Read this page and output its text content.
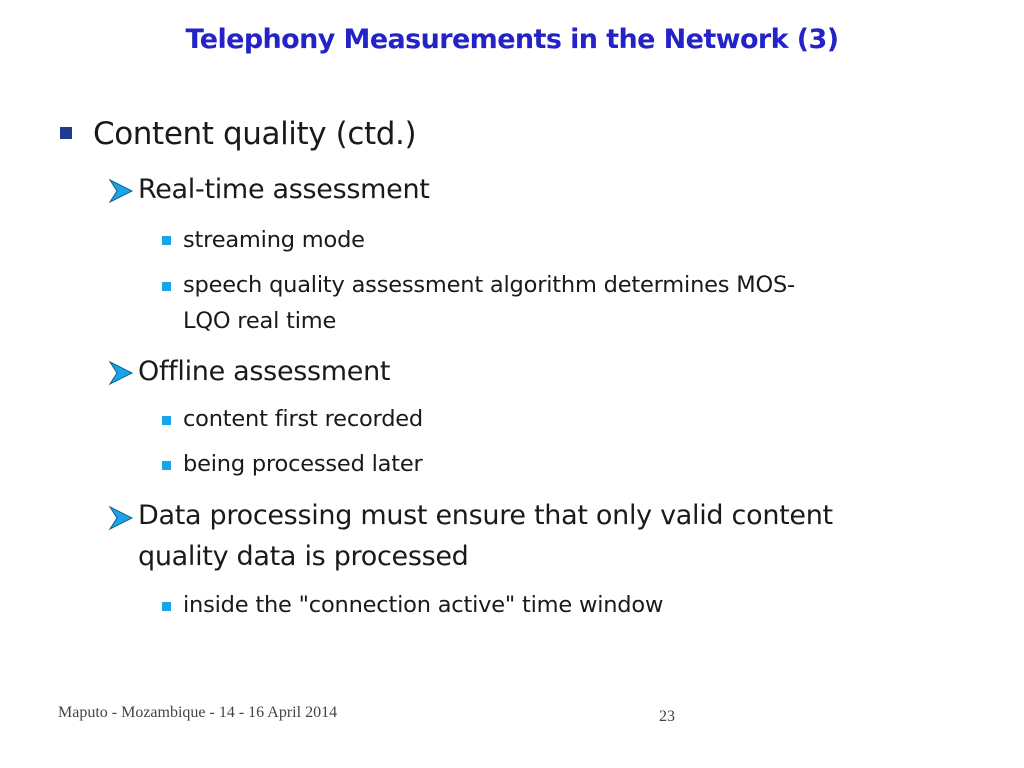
Telephony Measurements in the Network (3)
Content quality (ctd.)
Real-time assessment
streaming mode
speech quality assessment algorithm determines MOS-
LQO real time
Offline assessment
content first recorded
being processed later
Data processing must ensure that only valid content
quality data is processed
inside the "connection active" time window
Maputo - Mozambique - 14 - 16 April 2014	23
